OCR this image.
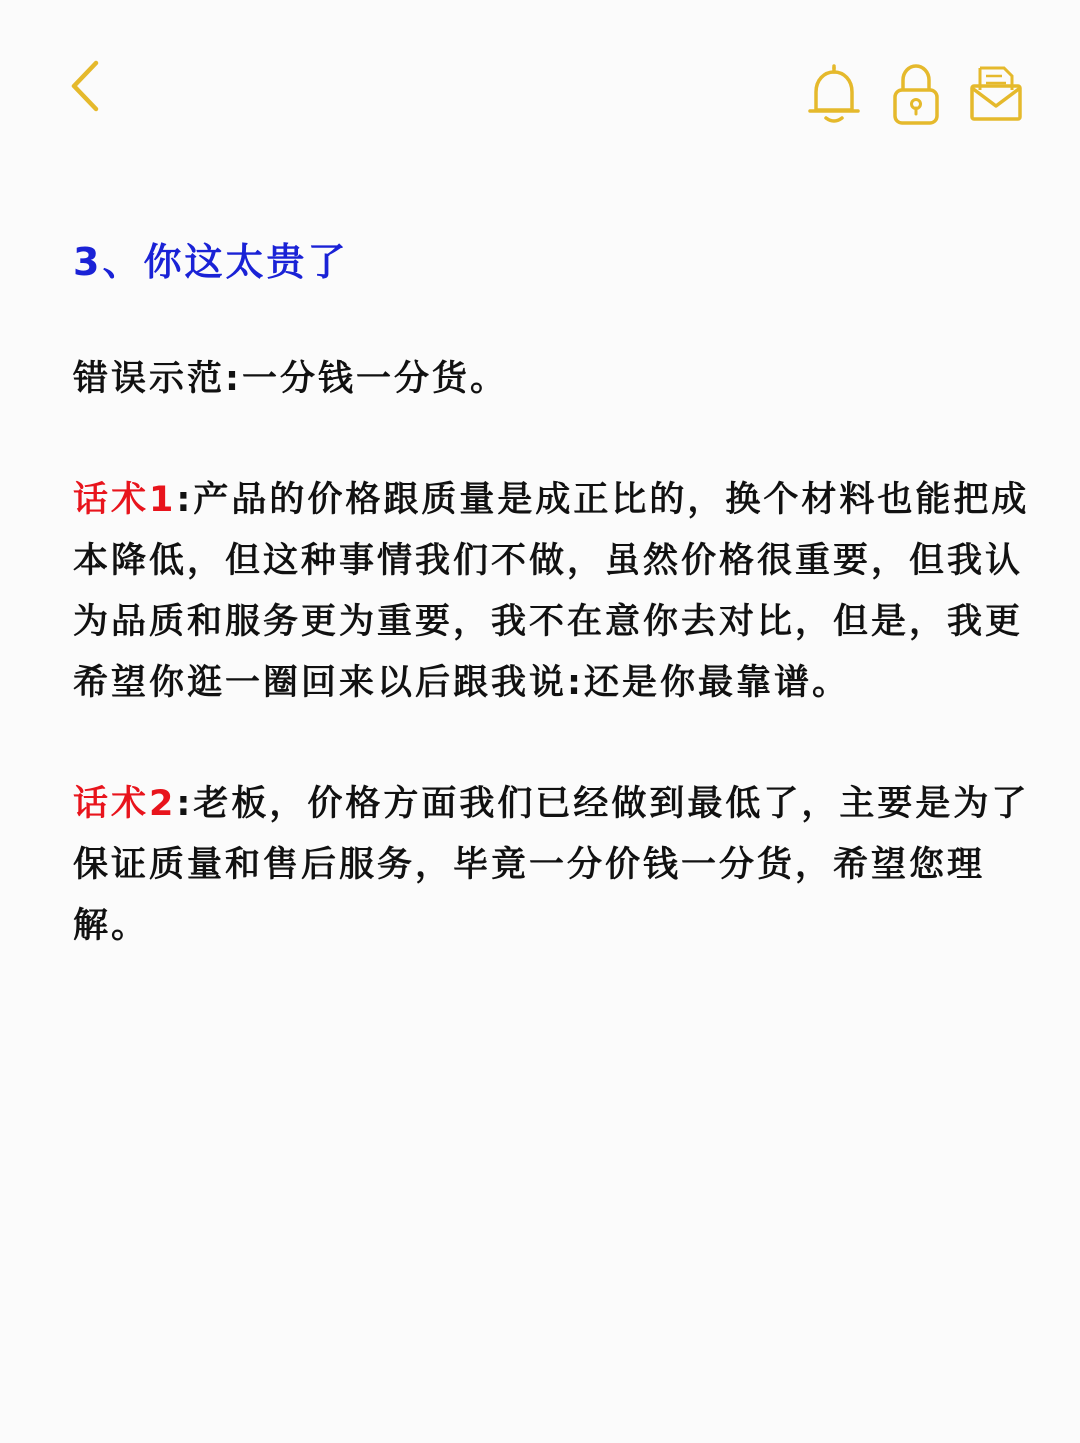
3、你这太贵了

错误示范:一分钱一分货。

话术1:产品的价格跟质量是成正比的，换个材料也能把成本降低，但这种事情我们不做，虽然价格很重要，但我认为品质和服务更为重要，我不在意你去对比，但是，我更希望你逛一圈回来以后跟我说:还是你最靠谱。

话术2:老板，价格方面我们已经做到最低了，主要是为了保证质量和售后服务，毕竟一分价钱一分货，希望您理解。
